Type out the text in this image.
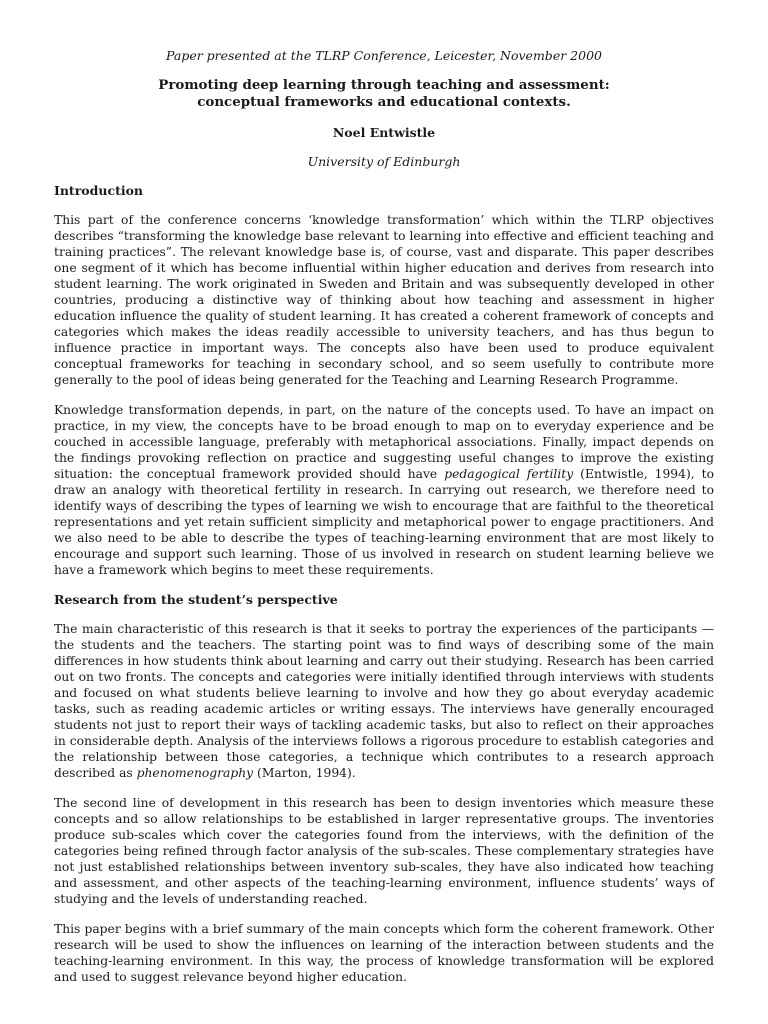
Paper presented at the TLRP Conference, Leicester, November 2000

Promoting deep learning through teaching and assessment:
conceptual frameworks and educational contexts.

Noel Entwistle

University of Edinburgh

Introduction

This part of the conference concerns ‘knowledge transformation’ which within the TLRP objectives describes “transforming the knowledge base relevant to learning into effective and efficient teaching and training practices”. The relevant knowledge base is, of course, vast and disparate. This paper describes one segment of it which has become influential within higher education and derives from research into student learning. The work originated in Sweden and Britain and was subsequently developed in other countries, producing a distinctive way of thinking about how teaching and assessment in higher education influence the quality of student learning. It has created a coherent framework of concepts and categories which makes the ideas readily accessible to university teachers, and has thus begun to influence practice in important ways. The concepts also have been used to produce equivalent conceptual frameworks for teaching in secondary school, and so seem usefully to contribute more generally to the pool of ideas being generated for the Teaching and Learning Research Programme.

Knowledge transformation depends, in part, on the nature of the concepts used. To have an impact on practice, in my view, the concepts have to be broad enough to map on to everyday experience and be couched in accessible language, preferably with metaphorical associations. Finally, impact depends on the findings provoking reflection on practice and suggesting useful changes to improve the existing situation: the conceptual framework provided should have pedagogical fertility (Entwistle, 1994), to draw an analogy with theoretical fertility in research. In carrying out research, we therefore need to identify ways of describing the types of learning we wish to encourage that are faithful to the theoretical representations and yet retain sufficient simplicity and metaphorical power to engage practitioners. And we also need to be able to describe the types of teaching-learning environment that are most likely to encourage and support such learning. Those of us involved in research on student learning believe we have a framework which begins to meet these requirements.

Research from the student’s perspective

The main characteristic of this research is that it seeks to portray the experiences of the participants — the students and the teachers. The starting point was to find ways of describing some of the main differences in how students think about learning and carry out their studying. Research has been carried out on two fronts. The concepts and categories were initially identified through interviews with students and focused on what students believe learning to involve and how they go about everyday academic tasks, such as reading academic articles or writing essays. The interviews have generally encouraged students not just to report their ways of tackling academic tasks, but also to reflect on their approaches in considerable depth. Analysis of the interviews follows a rigorous procedure to establish categories and the relationship between those categories, a technique which contributes to a research approach described as phenomenography (Marton, 1994).

The second line of development in this research has been to design inventories which measure these concepts and so allow relationships to be established in larger representative groups. The inventories produce sub-scales which cover the categories found from the interviews, with the definition of the categories being refined through factor analysis of the sub-scales. These complementary strategies have not just established relationships between inventory sub-scales, they have also indicated how teaching and assessment, and other aspects of the teaching-learning environment, influence students’ ways of studying and the levels of understanding reached.

This paper begins with a brief summary of the main concepts which form the coherent framework. Other research will be used to show the influences on learning of the interaction between students and the teaching-learning environment. In this way, the process of knowledge transformation will be explored and used to suggest relevance beyond higher education.
